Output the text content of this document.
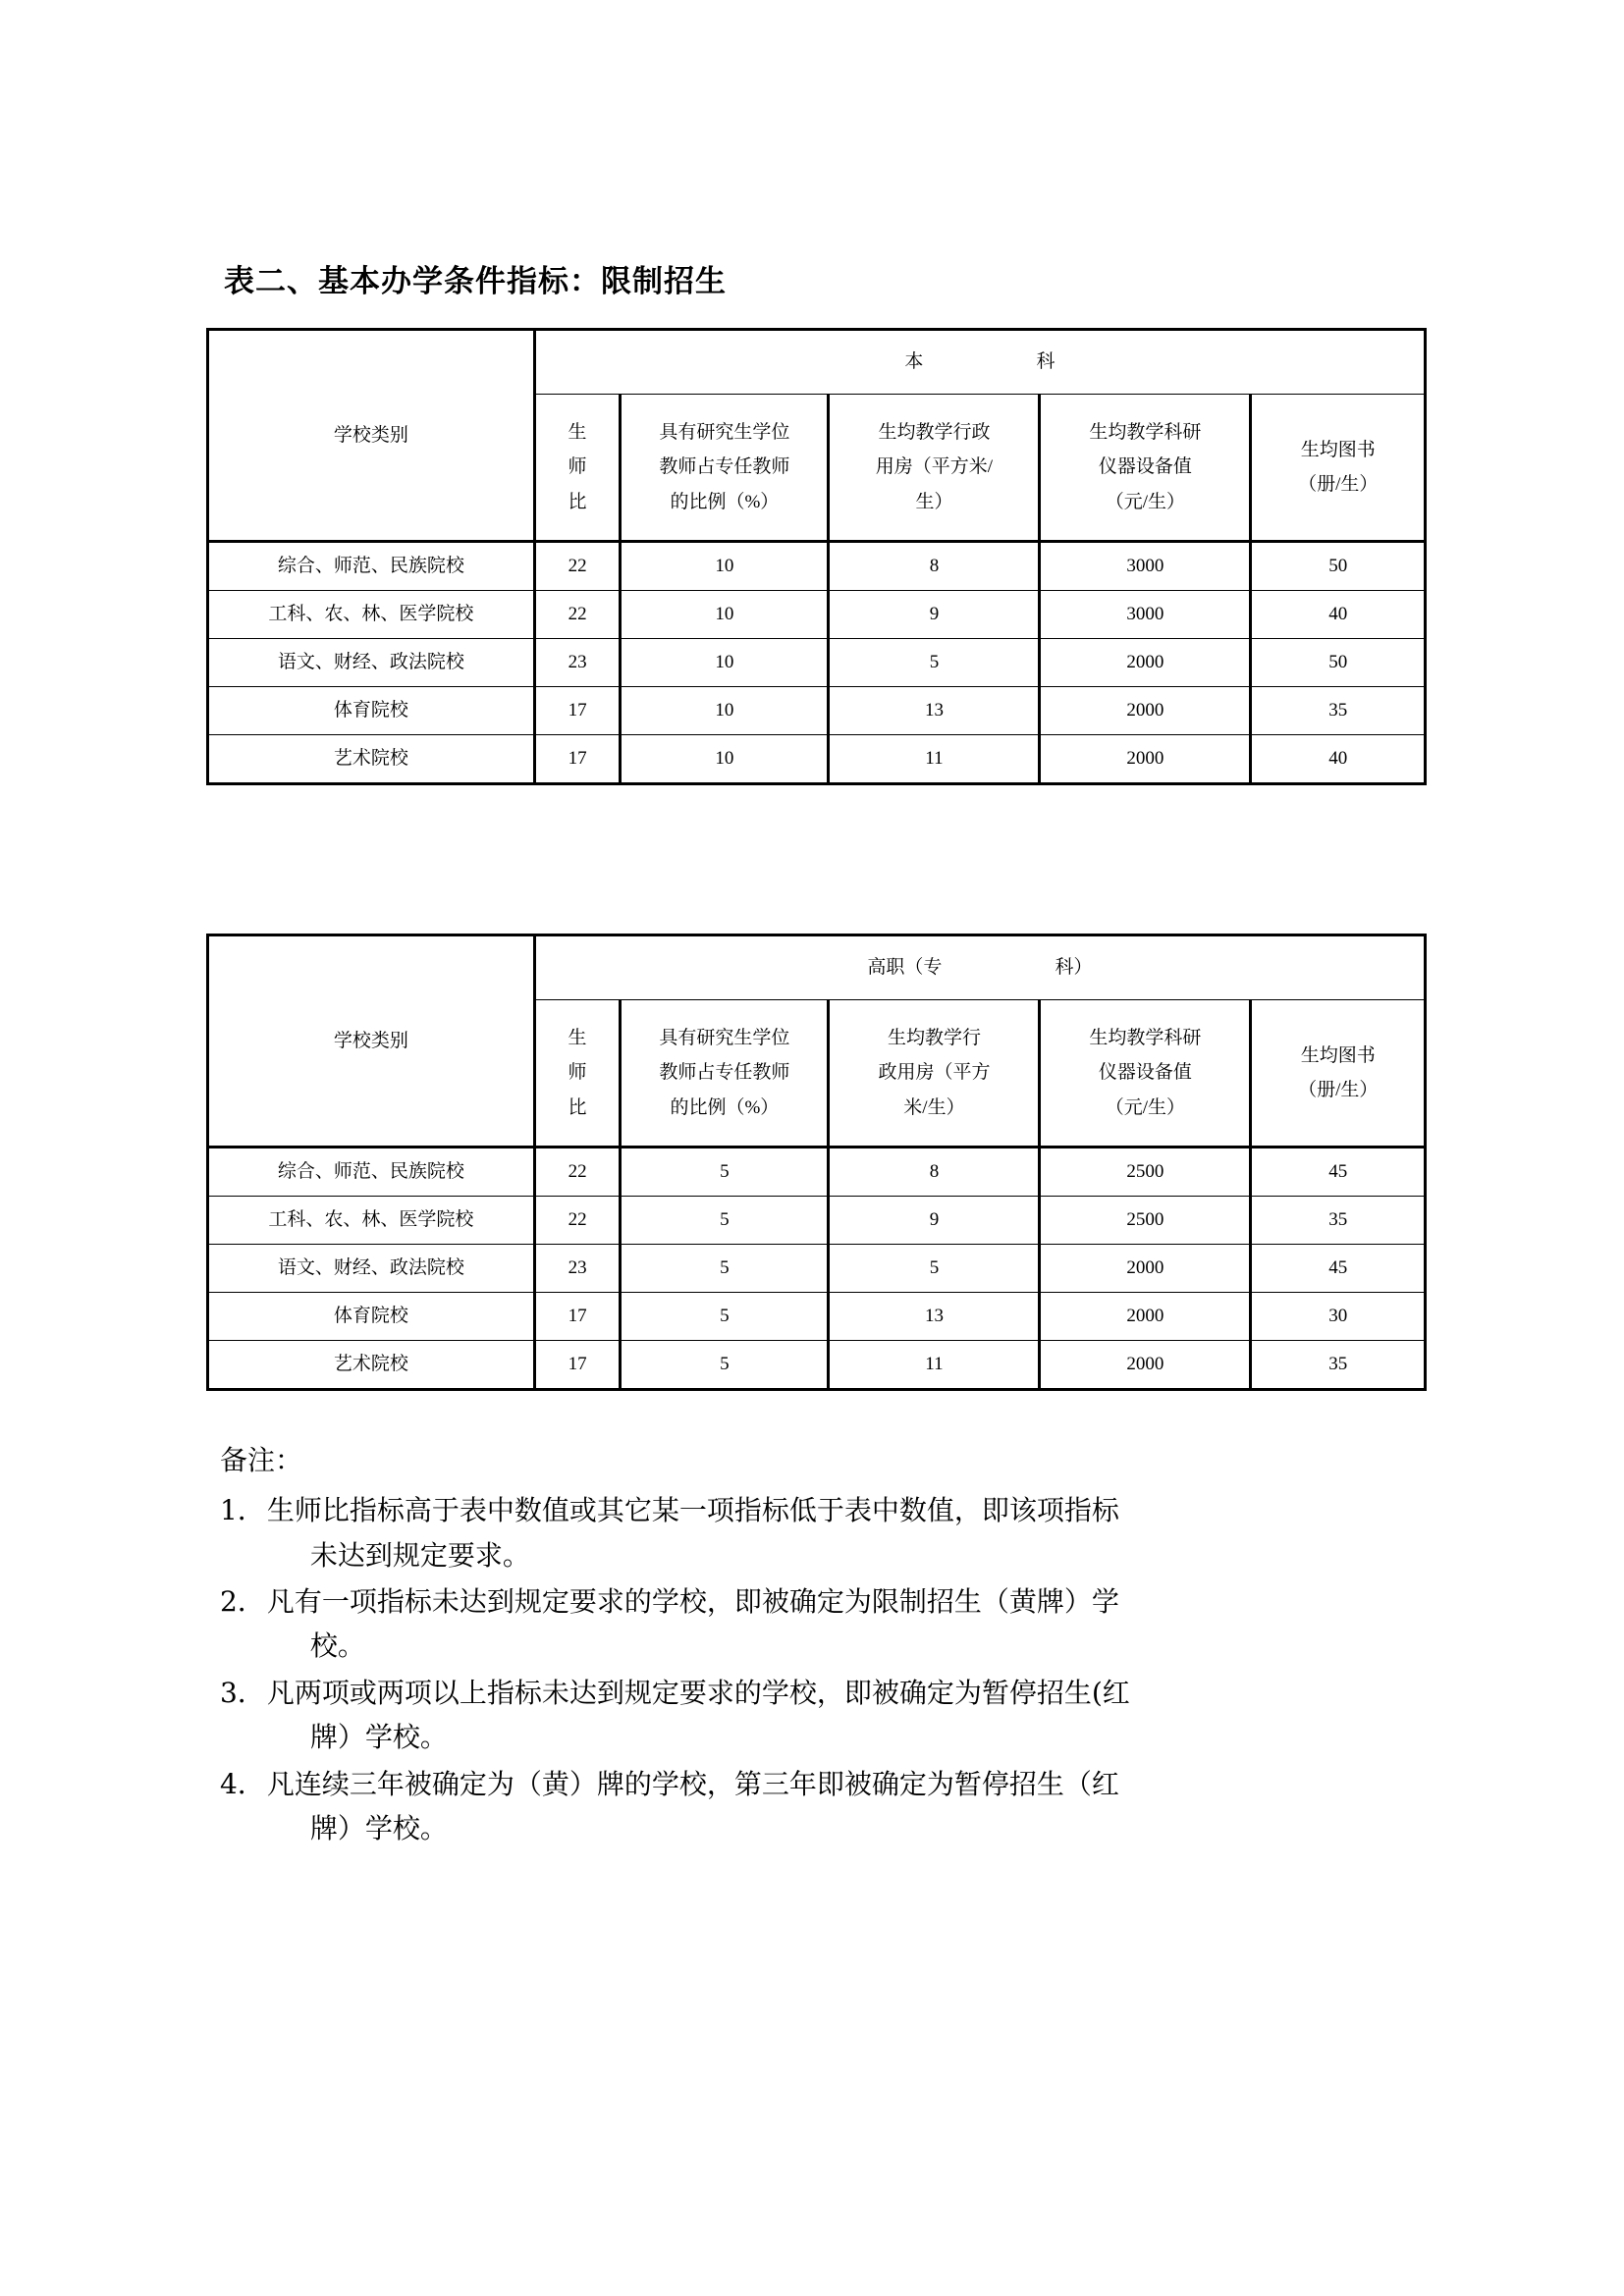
表二、基本办学条件指标：限制招生
学校类别	本 科				

	生
师
比	具有研究生学位
教师占专任教师
的比例（%）	生均教学行政
用房（平方米/
生）	生均教学科研
仪器设备值
（元/生）	生均图书
（册/生）

综合、师范、民族院校	22	10	8	3000	50
工科、农、林、医学院校	22	10	9	3000	40
语文、财经、政法院校	23	10	5	2000	50
体育院校	17	10	13	2000	35
艺术院校	17	10	11	2000	40
学校类别	高职（专 科）				

	生
师
比	具有研究生学位
教师占专任教师
的比例（%）	生均教学行
政用房（平方
米/生）	生均教学科研
仪器设备值
（元/生）	生均图书
（册/生）

综合、师范、民族院校	22	5	8	2500	45
工科、农、林、医学院校	22	5	9	2500	35
语文、财经、政法院校	23	5	5	2000	45
体育院校	17	5	13	2000	30
艺术院校	17	5	11	2000	35

备注：

1． 生师比指标高于表中数值或其它某一项指标低于表中数值，即该项指标
未达到规定要求。
2． 凡有一项指标未达到规定要求的学校，即被确定为限制招生（黄牌）学
校。
3． 凡两项或两项以上指标未达到规定要求的学校，即被确定为暂停招生(红
牌）学校。
4． 凡连续三年被确定为（黄）牌的学校，第三年即被确定为暂停招生（红
牌）学校。
